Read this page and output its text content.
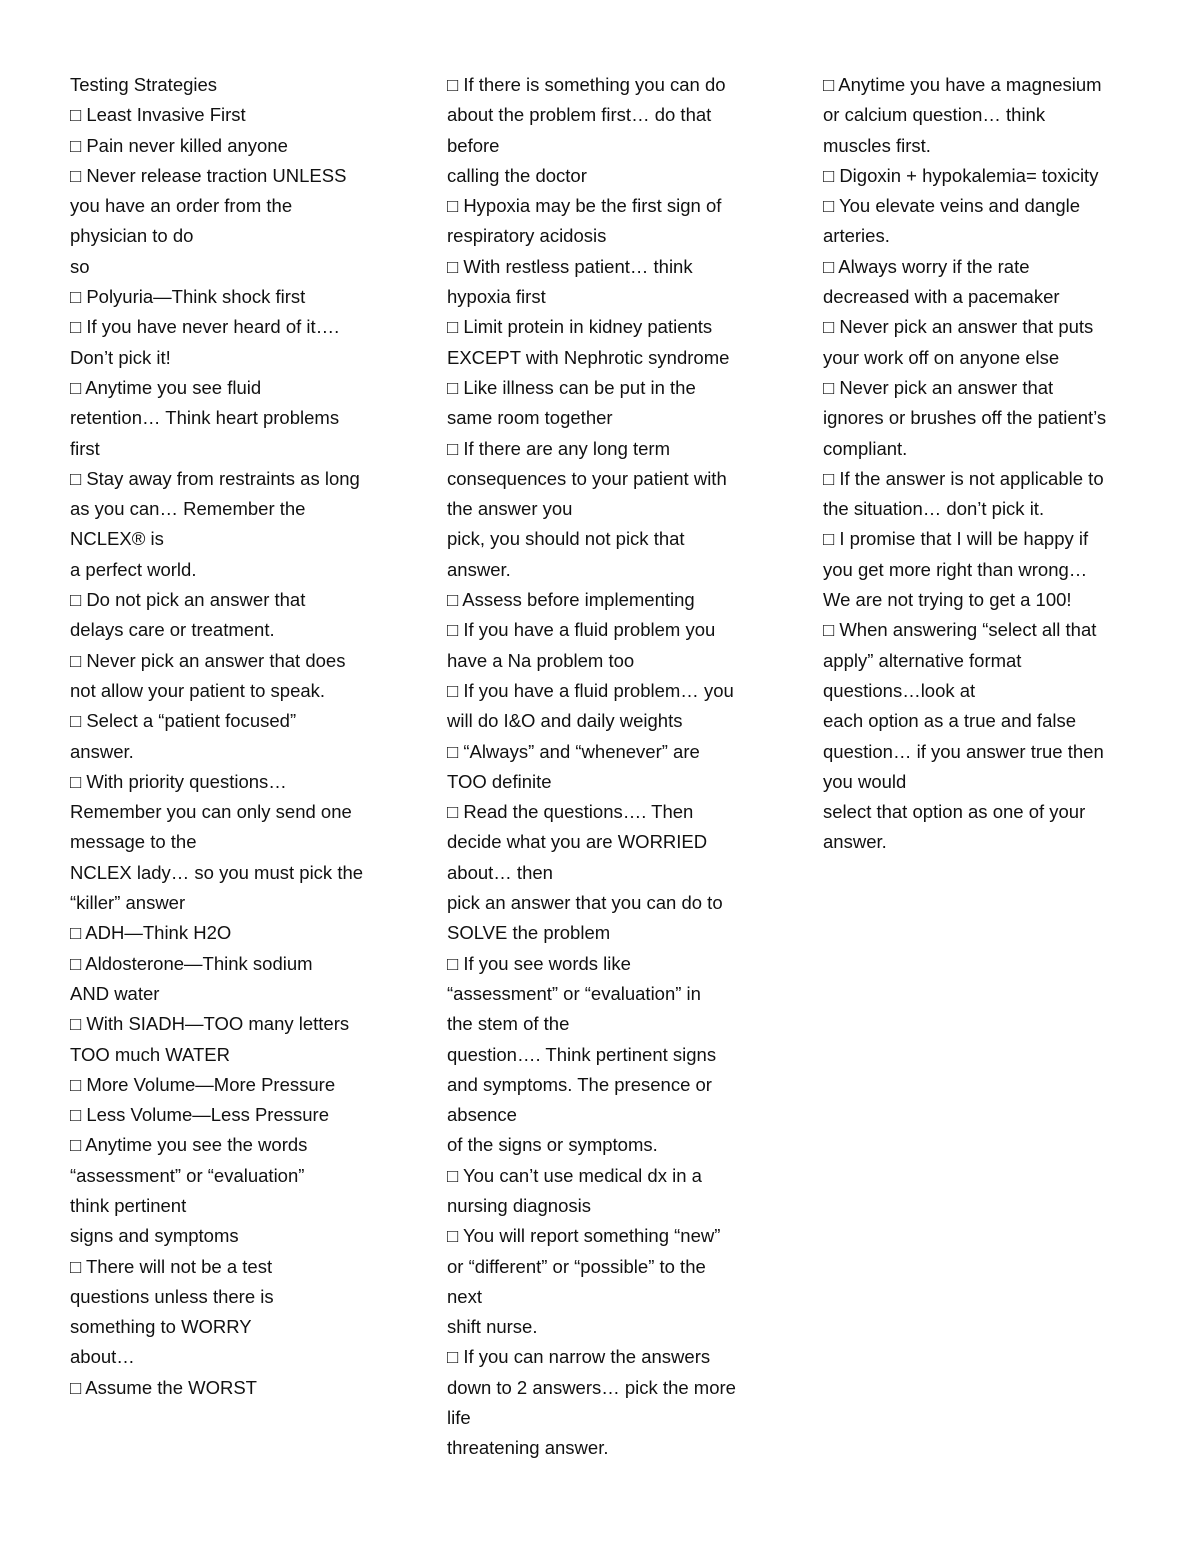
Testing Strategies
□ Least Invasive First
□ Pain never killed anyone
□ Never release traction UNLESS
you have an order from the
physician to do
so
□ Polyuria—Think shock first
□ If you have never heard of it….
Don’t pick it!
□ Anytime you see fluid
retention… Think heart problems
first
□ Stay away from restraints as long
as you can… Remember the
NCLEX® is
a perfect world.
□ Do not pick an answer that
delays care or treatment.
□ Never pick an answer that does
not allow your patient to speak.
□ Select a “patient focused”
answer.
□ With priority questions…
Remember you can only send one
message to the
NCLEX lady… so you must pick the
“killer” answer
□ ADH—Think H2O
□ Aldosterone—Think sodium
AND water
□ With SIADH—TOO many letters
TOO much WATER
□ More Volume—More Pressure
□ Less Volume—Less Pressure
□ Anytime you see the words
“assessment” or “evaluation”
think pertinent
signs and symptoms
□ There will not be a test
questions unless there is
something to WORRY
about…
□ Assume the WORST
□ If there is something you can do
about the problem first… do that
before
calling the doctor
□ Hypoxia may be the first sign of
respiratory acidosis
□ With restless patient… think
hypoxia first
□ Limit protein in kidney patients
EXCEPT with Nephrotic syndrome
□ Like illness can be put in the
same room together
□ If there are any long term
consequences to your patient with
the answer you
pick, you should not pick that
answer.
□ Assess before implementing
□ If you have a fluid problem you
have a Na problem too
□ If you have a fluid problem… you
will do I&O and daily weights
□ “Always” and “whenever” are
TOO definite
□ Read the questions…. Then
decide what you are WORRIED
about… then
pick an answer that you can do to
SOLVE the problem
□ If you see words like
“assessment” or “evaluation” in
the stem of the
question…. Think pertinent signs
and symptoms. The presence or
absence
of the signs or symptoms.
□ You can’t use medical dx in a
nursing diagnosis
□ You will report something “new”
or “different” or “possible” to the
next
shift nurse.
□ If you can narrow the answers
down to 2 answers… pick the more
life
threatening answer.
□ Anytime you have a magnesium
or calcium question… think
muscles first.
□ Digoxin + hypokalemia= toxicity
□ You elevate veins and dangle
arteries.
□ Always worry if the rate
decreased with a pacemaker
□ Never pick an answer that puts
your work off on anyone else
□ Never pick an answer that
ignores or brushes off the patient’s
compliant.
□ If the answer is not applicable to
the situation… don’t pick it.
□ I promise that I will be happy if
you get more right than wrong…
We are not trying to get a 100!
□ When answering “select all that
apply” alternative format
questions…look at
each option as a true and false
question… if you answer true then
you would
select that option as one of your
answer.
